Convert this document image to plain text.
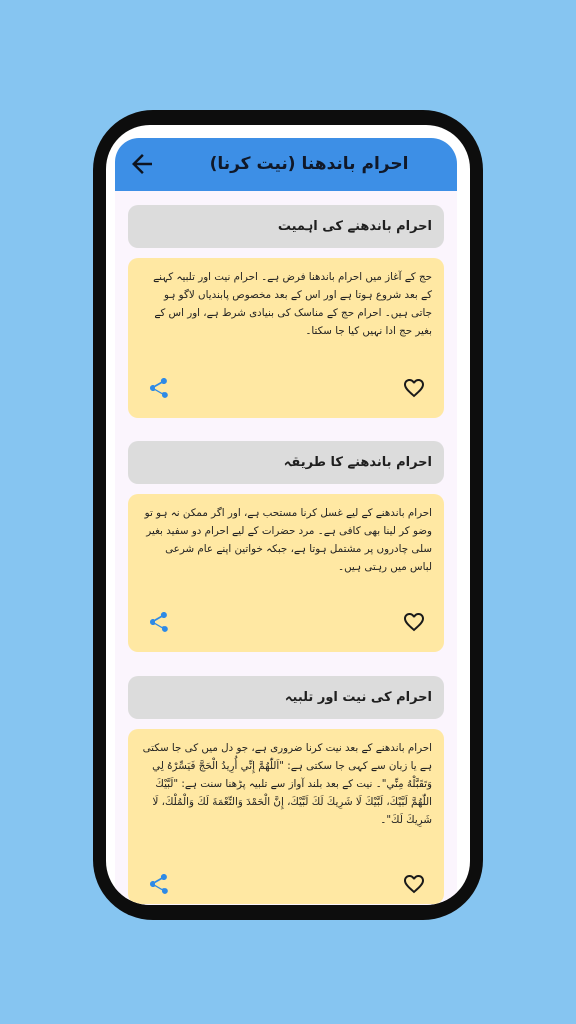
احرام باندھنا (نیت کرنا)
احرام باندھنے کی اہمیت
حج کے آغاز میں احرام باندھنا فرض ہے۔ احرام نیت اور تلبیہ کہنے کے بعد شروع ہوتا ہے اور اس کے بعد مخصوص پابندیاں لاگو ہو جاتی ہیں۔ احرام حج کے مناسک کی بنیادی شرط ہے، اور اس کے بغیر حج ادا نہیں کیا جا سکتا۔
احرام باندھنے کا طریقہ
احرام باندھنے کے لیے غسل کرنا مستحب ہے، اور اگر ممکن نہ ہو تو وضو کر لینا بھی کافی ہے۔ مرد حضرات کے لیے احرام دو سفید بغیر سلی چادروں پر مشتمل ہوتا ہے، جبکہ خواتین اپنے عام شرعی لباس میں رہتی ہیں۔
احرام کی نیت اور تلبیہ
احرام باندھنے کے بعد نیت کرنا ضروری ہے، جو دل میں کی جا سکتی ہے یا زبان سے کہی جا سکتی ہے: "اَللّٰهُمَّ إِنِّي أُرِيدُ الْحَجَّ فَيَسِّرْهُ لِي وَتَقَبَّلْهُ مِنِّي"۔ نیت کے بعد بلند آواز سے تلبیہ پڑھنا سنت ہے: "لَبَّيْكَ اللّٰهُمَّ لَبَّيْكَ، لَبَّيْكَ لَا شَرِيكَ لَكَ لَبَّيْكَ، إِنَّ الْحَمْدَ وَالنِّعْمَةَ لَكَ وَالْمُلْكَ، لَا شَرِيكَ لَكَ"۔
